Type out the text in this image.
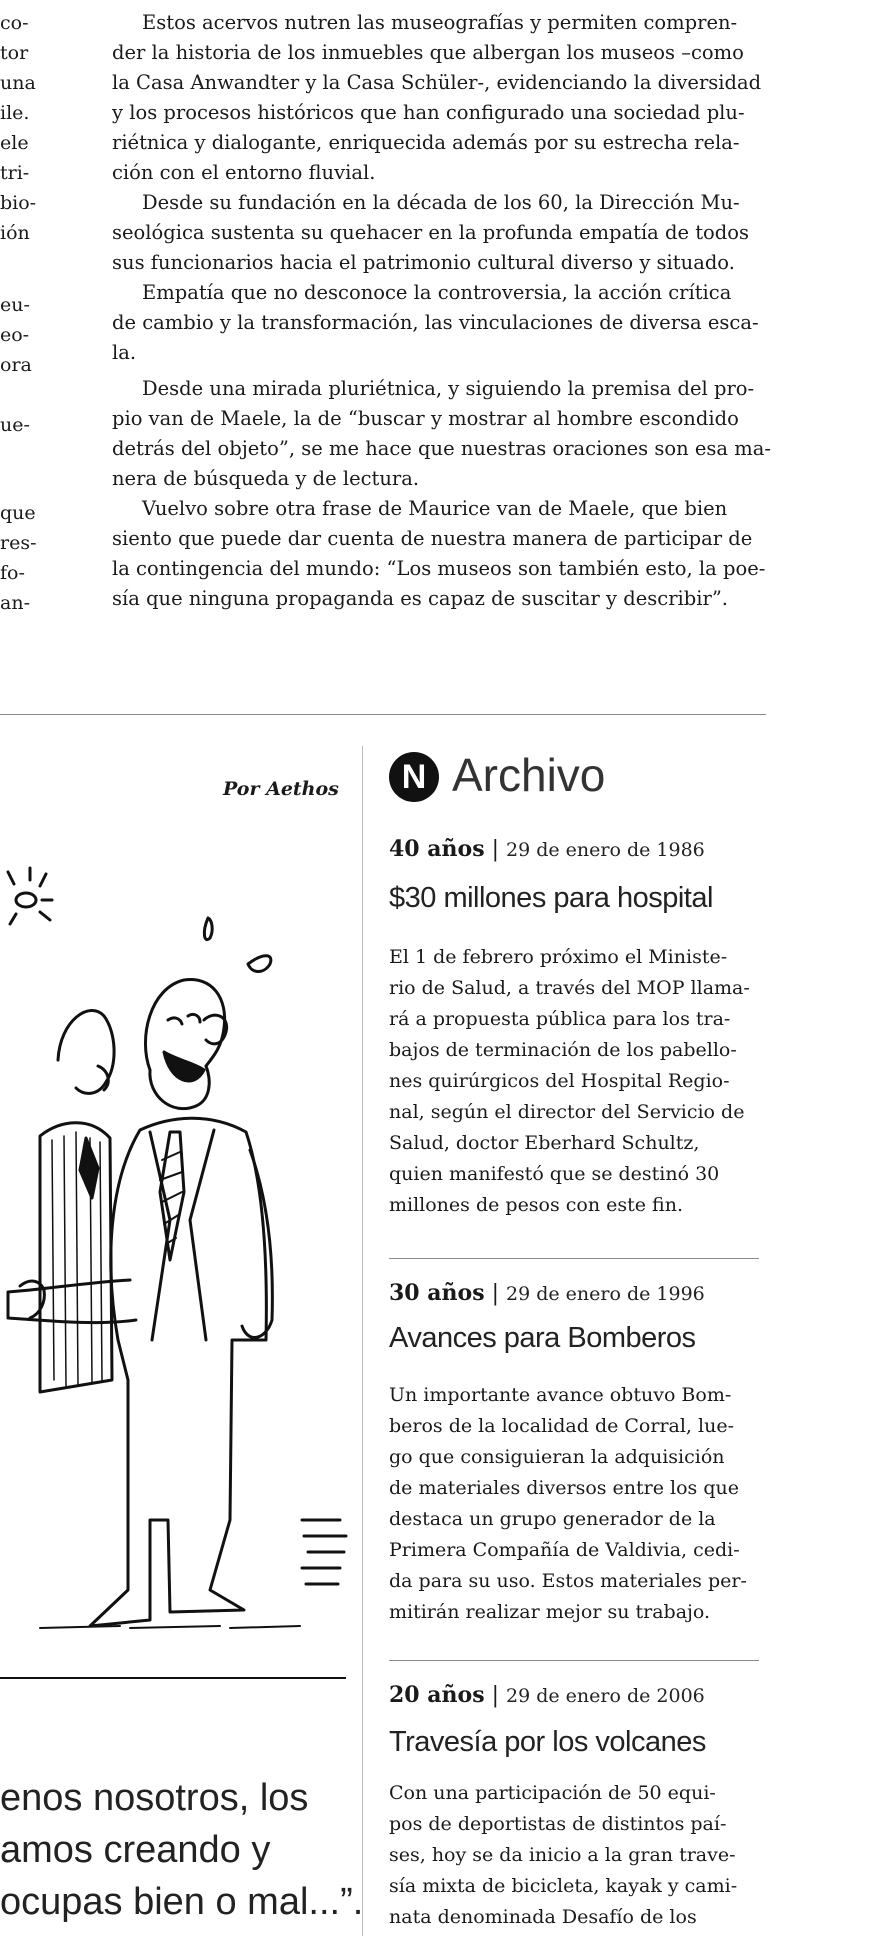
co-
tor
una
ile.
ele
tri-
bio-
ión
eu-
eo-
ora
ue-
que
res-
fo-
an-
Estos acervos nutren las museografías y permiten compren-
der la historia de los inmuebles que albergan los museos –como
la Casa Anwandter y la Casa Schüler-, evidenciando la diversidad
y los procesos históricos que han configurado una sociedad plu-
riétnica y dialogante, enriquecida además por su estrecha rela-
ción con el entorno fluvial.
Desde su fundación en la década de los 60, la Dirección Mu-
seológica sustenta su quehacer en la profunda empatía de todos
sus funcionarios hacia el patrimonio cultural diverso y situado.
Empatía que no desconoce la controversia, la acción crítica
de cambio y la transformación, las vinculaciones de diversa esca-
la.
Desde una mirada pluriétnica, y siguiendo la premisa del pro-
pio van de Maele, la de “buscar y mostrar al hombre escondido
detrás del objeto”, se me hace que nuestras oraciones son esa ma-
nera de búsqueda y de lectura.
Vuelvo sobre otra frase de Maurice van de Maele, que bien
siento que puede dar cuenta de nuestra manera de participar de
la contingencia del mundo: “Los museos son también esto, la poe-
sía que ninguna propaganda es capaz de suscitar y describir”.
Por Aethos
enos nosotros, los
amos creando y
ocupas bien o mal...”.
N Archivo
40 años | 29 de enero de 1986
$30 millones para hospital
El 1 de febrero próximo el Ministe-
rio de Salud, a través del MOP llama-
rá a propuesta pública para los tra-
bajos de terminación de los pabello-
nes quirúrgicos del Hospital Regio-
nal, según el director del Servicio de
Salud, doctor Eberhard Schultz,
quien manifestó que se destinó 30
millones de pesos con este fin.
30 años | 29 de enero de 1996
Avances para Bomberos
Un importante avance obtuvo Bom-
beros de la localidad de Corral, lue-
go que consiguieran la adquisición
de materiales diversos entre los que
destaca un grupo generador de la
Primera Compañía de Valdivia, cedi-
da para su uso. Estos materiales per-
mitirán realizar mejor su trabajo.
20 años | 29 de enero de 2006
Travesía por los volcanes
Con una participación de 50 equi-
pos de deportistas de distintos paí-
ses, hoy se da inicio a la gran trave-
sía mixta de bicicleta, kayak y cami-
nata denominada Desafío de los
